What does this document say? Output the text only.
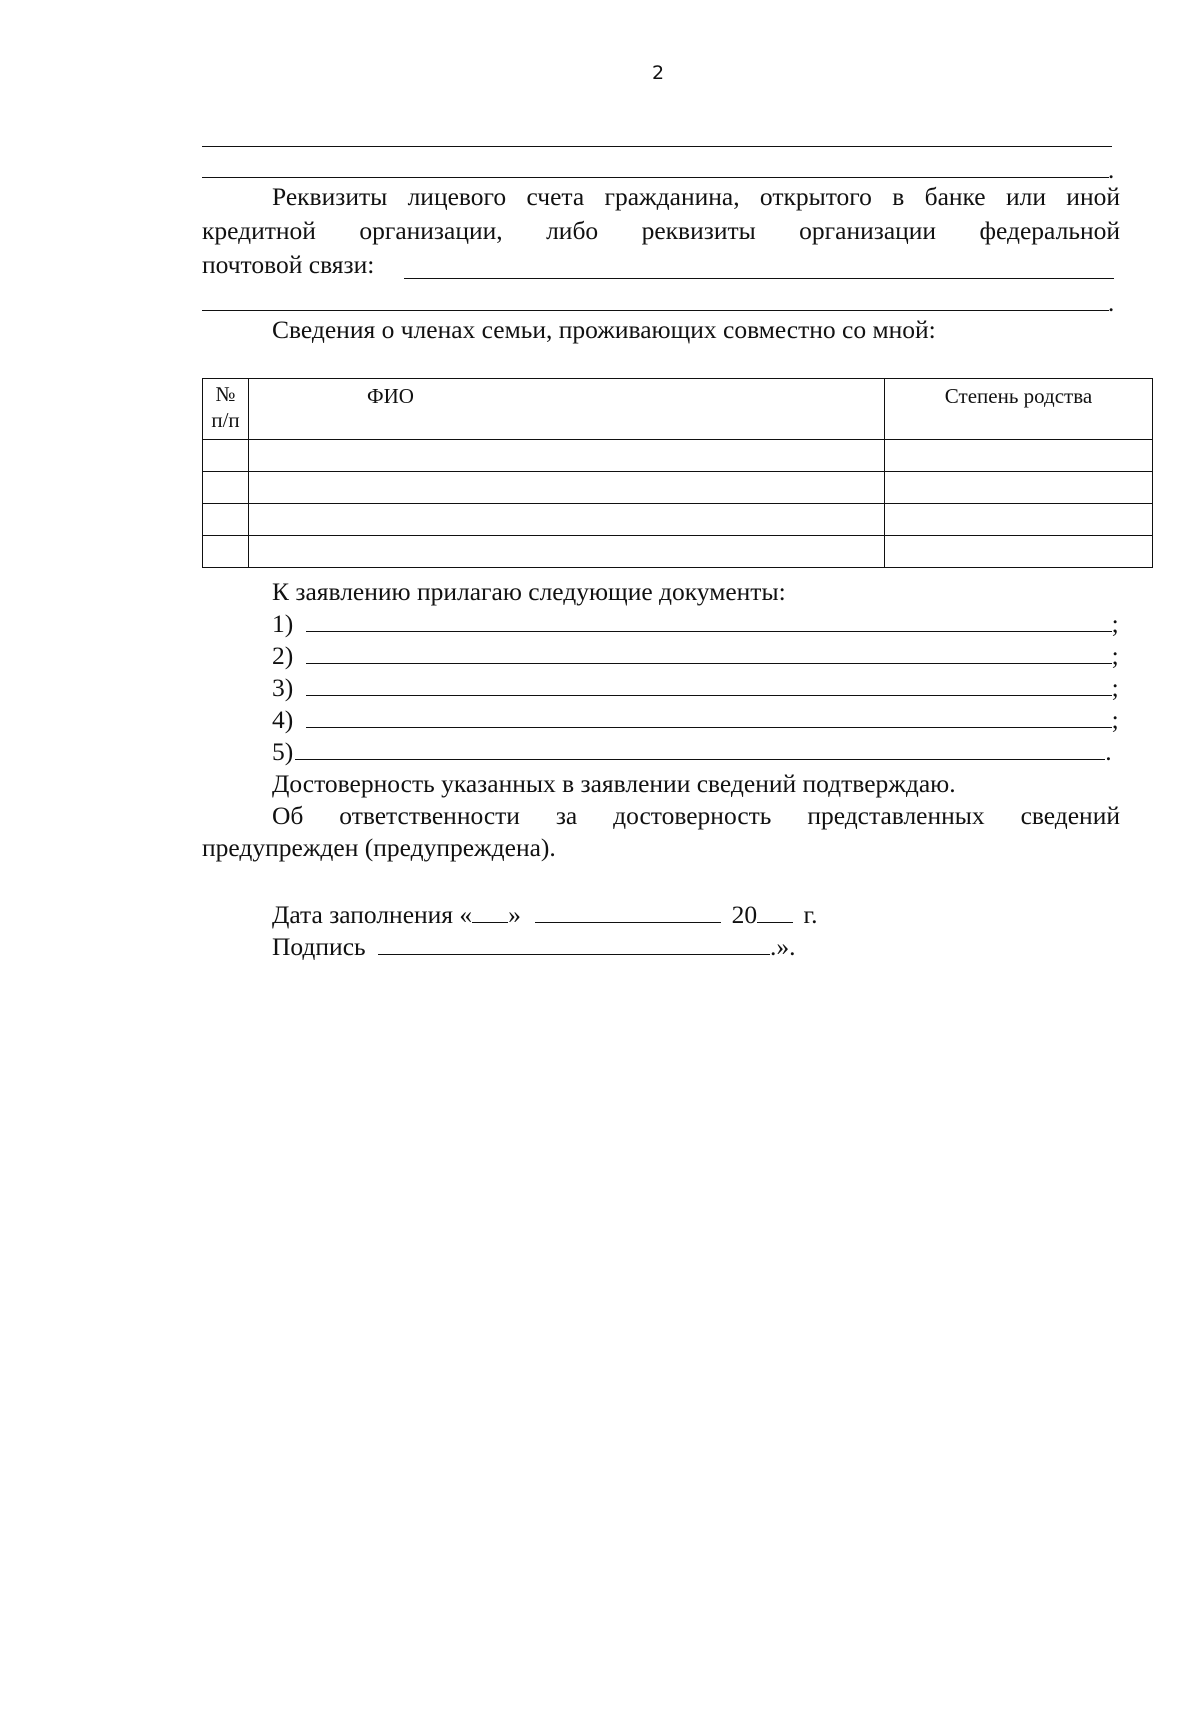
2
.
Реквизиты лицевого счета гражданина, открытого в банке или иной
кредитной организации, либо реквизиты организации федеральной
почтовой связи:
.
Сведения о членах семьи, проживающих совместно со мной:
№
п/п	ФИО	Степень родства

К заявлению прилагаю следующие документы:
1)	;
2)	;
3)	;
4)	;
5)	.
Достоверность указанных в заявлении сведений подтверждаю.
Об ответственности за достоверность представленных сведений
предупрежден (предупреждена).
Дата заполнения « »	20 г.
Подпись	.».
